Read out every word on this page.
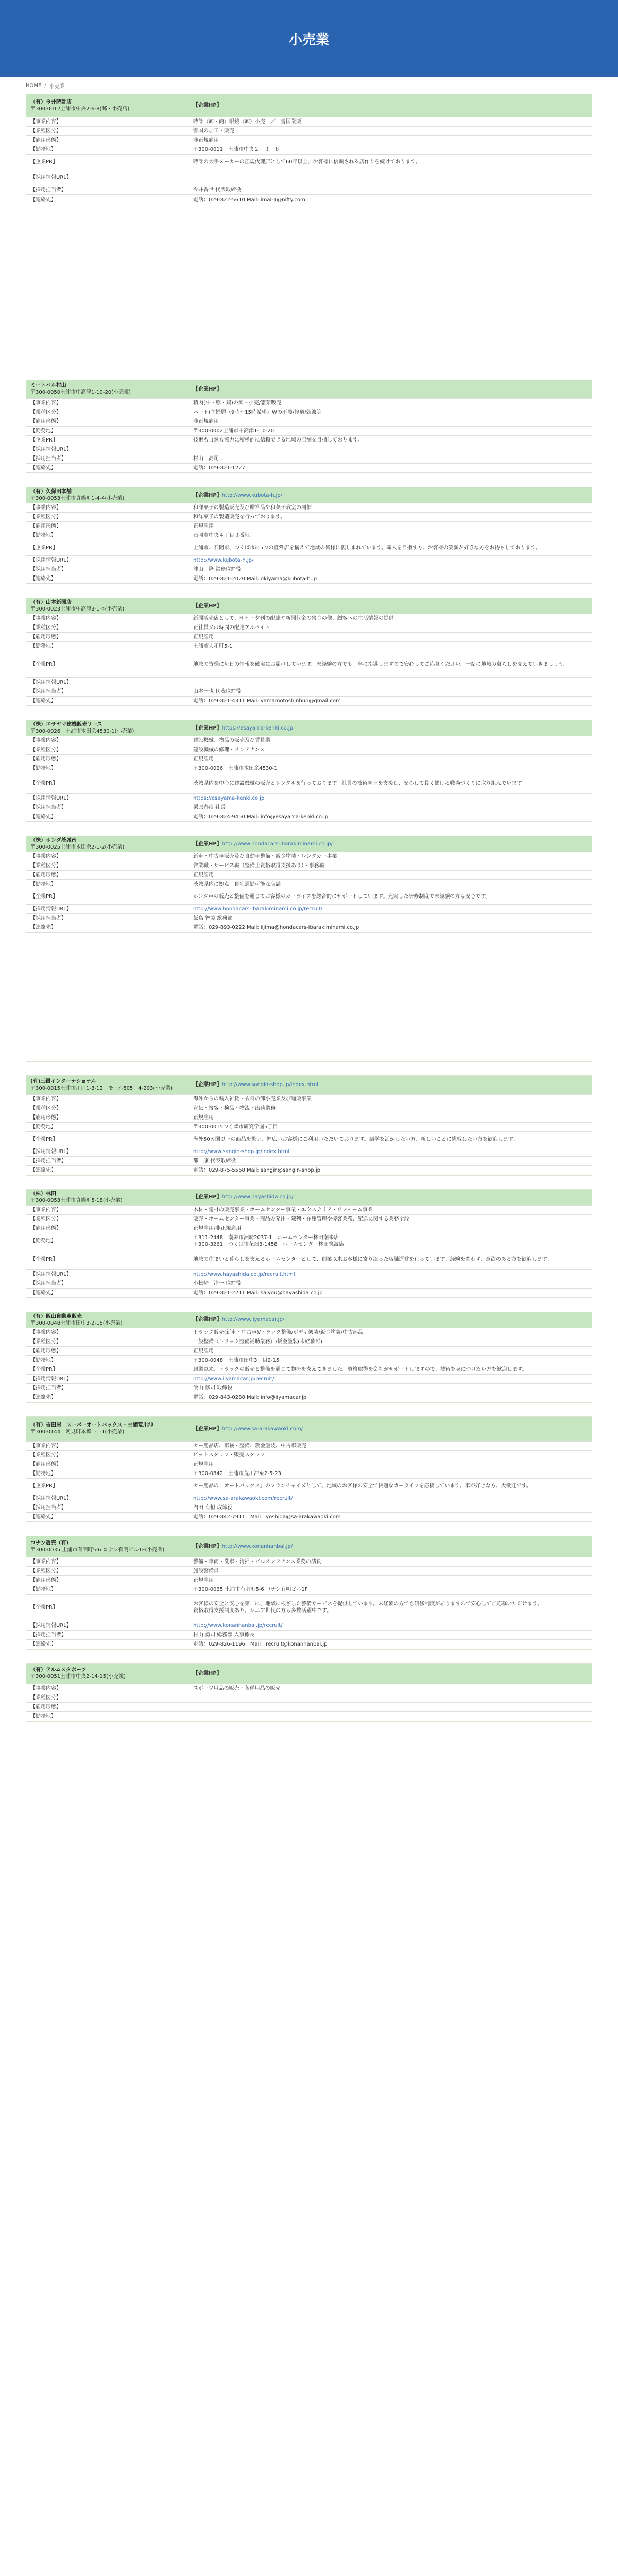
小売業
HOME / 小売業
（有）今井時計店
〒300-0012土浦市中央2-6-8(郵・小売店)	【企業HP】
【事業内容】	時計（卸・商）眼鏡（卸）小売　／　雪国業販
【業種区分】	雪国の加工・販売
【雇用形態】	非正規雇用
【勤務地】	〒300-0011　土浦市中央２－３－８
【企業PR】	時計の大手メーカーの正規代理店として60年以上、お客様に信頼される店作りを続けております。
【採用情報URL】	
【採用担当者】	今井香世 代表取締役
【連絡先】	電話：029-822-5610 Mail: imai-1@nifty.com
ミートパル村山
〒300-0050土浦市中高津1-10-20(小売業)	【企業HP】
【事業内容】	精肉(牛・豚・鶏)の卸・小売/惣菜販売
【業種区分】	パート(主婦層（9時〜15時希望）Wの不農/修道/就波等
【雇用形態】	非正規雇用
【勤務地】	〒300-0002土浦市中高津1-10-20
【企業PR】	技術も自然も協力に積極的に信頼できる地域の店舗を目指しております。
【採用情報URL】	
【採用担当者】	村山　高司
【連絡先】	電話：029-821-1227
（有）久保田本舗
〒300-0053土浦市真鍋町1-4-4(小売業)	【企業HP】http://www.kubota-h.jp/
【事業内容】	和洋菓子の製造販売及び贈答品や和菓子教室の開催
【業種区分】	和洋菓子の製造販売を行っております。
【雇用形態】	正規雇用
【勤務地】	石岡市中央４丁目３番地
【企業PR】	土浦市、石岡市、つくば市に5つの直営店を構えて地域の皆様に親しまれています。職人を目指す方、お客様の笑顔が好きな方をお待ちしております。
【採用情報URL】	http://www.kubota-h.jp/
【採用担当者】	沖山　隆 常務取締役
【連絡先】	電話：029-821-2020 Mail: okiyama@kubota-h.jp
（有）山本新聞店
〒300-0023土浦市中高津3-1-4(小売業)	【企業HP】
【事業内容】	新聞販売店として、朝刊・夕刊の配達や新聞代金の集金の他、顧客への生活情報の提供
【業種区分】	正社員又は時間の配達アルバイト
【雇用形態】	正規雇用
【勤務地】	土浦市大和町5-1
【企業PR】	地域の皆様に毎日の情報を確実にお届けしています。未経験の方でも丁寧に指導しますので安心してご応募ください。一緒に地域の暮らしを支えていきましょう。
【採用情報URL】	
【採用担当者】	山本一也 代表取締役
【連絡先】	電話：029-821-4311 Mail: yamamotoshinbun@gmail.com
（株）エサヤマ建機販売リース
〒300-0026　土浦市木田余4530-1(小売業)	【企業HP】https://esayama-kenki.co.jp
【事業内容】	建設機械、物品の販売及び賃貸業
【業種区分】	建設機械の修理・メンテナンス
【雇用形態】	正規雇用
【勤務地】	〒300-0026　土浦市木田余4530-1
【企業PR】	茨城県内を中心に建設機械の販売とレンタルを行っております。社員の技術向上を支援し、安心して長く働ける職場づくりに取り組んでいます。
【採用情報URL】	https://esayama-kenki.co.jp
【採用担当者】	栗原春彦 社長
【連絡先】	電話：029-824-9450 Mail: info@esayama-kenki.co.jp
（株）ホンダ茨城南
〒300-0025土浦市木田余2-1-2(小売業)	【企業HP】http://www.hondacars-ibarakiminami.co.jp/
【事業内容】	新車・中古車販売及び自動車整備・鈑金塗装・レンタカー事業
【業種区分】	営業職・サービス職（整備士資格取得支援あり）・事務職
【雇用形態】	正規雇用
【勤務地】	茨城県内に拠点　自宅通勤可能な店舗
【企業PR】	ホンダ車の販売と整備を通じてお客様のカーライフを総合的にサポートしています。充実した研修制度で未経験の方も安心です。
【採用情報URL】	http://www.hondacars-ibarakiminami.co.jp/recruit/
【採用担当者】	飯島 智美 総務部
【連絡先】	電話：029-893-0222 Mail: iijima@hondacars-ibarakiminami.co.jp
(有)三銀インターナショナル
〒300-0015土浦市川口1-3-12　モール505　4-203(小売業)	【企業HP】http://www.sangin-shop.jp/index.html
【事業内容】	海外からの輸入雑貨・衣料の卸小売業及び通販事業
【業種区分】	宣伝・接客・検品・物流・出荷業務
【雇用形態】	正規雇用
【勤務地】	〒300-0015つくば市研究学園5丁目
【企業PR】	海外50カ国以上の商品を扱い、幅広いお客様にご利用いただいております。語学を活かしたい方、新しいことに挑戦したい方を歓迎します。
【採用情報URL】	http://www.sangin-shop.jp/index.html
【採用担当者】	都　康 代表取締役
【連絡先】	電話：029-875-5568 Mail: sangin@sangin-shop.jp
（株）林田
〒300-0053土浦市真鍋町5-18(小売業)	【企業HP】http://www.hayashida.co.jp/
【事業内容】	木材・建材の販売事業・ホームセンター事業・エクステリア・リフォーム事業
【業種区分】	販売・ホームセンター事業・商品の発注・陳列・在庫管理や接客業務、配送に関する業務全般
【雇用形態】	正規雇用/非正規雇用
【勤務地】	〒311-2448　潮来市洲崎2037-1　ホームセンター林田潮来店
〒300-3261　つくば市花畑3-1458　ホームセンター林田筑波店
【企業PR】	地域の住まいと暮らしを支えるホームセンターとして、創業以来お客様に寄り添った店舗運営を行っています。経験を問わず、意欲のある方を歓迎します。
【採用情報URL】	http://www.hayashida.co.jp/recruit.html
【採用担当者】	小松崎　淳一 取締役
【連絡先】	電話：029-821-2211 Mail: saiyou@hayashida.co.jp
（有）飯山自動車販売
〒300-0048土浦市田中3-2-15(小売業)	【企業HP】http://www.iiyamacar.jp/
【事業内容】	トラック販売(新車・中古車)/トラック整備/ボディ架装/鈑金塗装/中古部品
【業種区分】	一般整備（トラック整備補助業務）/鈑金塗装(未経験可)
【雇用形態】	正規雇用
【勤務地】	〒300-0048　土浦市田中3丁目2-15
【企業PR】	創業以来、トラックの販売と整備を通じて物流を支えてきました。資格取得を会社がサポートしますので、技術を身につけたい方を歓迎します。
【採用情報URL】	http://www.iiyamacar.jp/recruit/
【採用担当者】	飯山 修司 取締役
【連絡先】	電話：029-843-0288 Mail: info@iiyamacar.jp
（有）吉田屋　スーパーオートバックス・土浦荒川沖
〒300-0144　阿見町本郷1-1-1(小売業)	【企業HP】http://www.sa-arakawaoki.com/
【事業内容】	カー用品店、車検・整備、鈑金塗装、中古車販売
【業種区分】	ピットスタッフ・販売スタッフ
【雇用形態】	正規雇用
【勤務地】	〒300-0842　土浦市荒川沖東2-5-23
【企業PR】	カー用品の「オートバックス」のフランチャイズとして、地域のお客様の安全で快適なカーライフを応援しています。車が好きな方、大歓迎です。
【採用情報URL】	http://www.sa-arakawaoki.com/recruit/
【採用担当者】	内田 有恒 取締役
【連絡先】	電話：029-842-7911　Mail：yoshida@sa-arakawaoki.com
コナン販売（有）
〒300-0035 土浦市有明町5-6 コナン有明ビル1F(小売業)	【企業HP】http://www.konanhanbai.jp/
【事業内容】	警備・車両・洗車・清掃・ビルメンテナンス業務の請負
【業種区分】	施設警備員
【雇用形態】	正規雇用
【勤務地】	〒300-0035 土浦市有明町5-6 コナン有明ビル1F
【企業PR】	お客様の安全と安心を第一に、地域に根ざした警備サービスを提供しています。未経験の方でも研修制度がありますので安心してご応募いただけます。
資格取得支援制度あり。シニア世代の方も多数活躍中です。
【採用情報URL】	http://www.konanhanbai.jp/recruit/
【採用担当者】	村山 勇司 総務部 人事係長
【連絡先】	電話：029-826-1196　Mail：recruit@konanhanbai.jp
（有）テルムスタポーツ
〒300-0051土浦市中央2-14-15(小売業)	【企業HP】
【事業内容】	スポーツ用品の販売・各種用品の販売
【業種区分】	
【雇用形態】	
【勤務地】	
